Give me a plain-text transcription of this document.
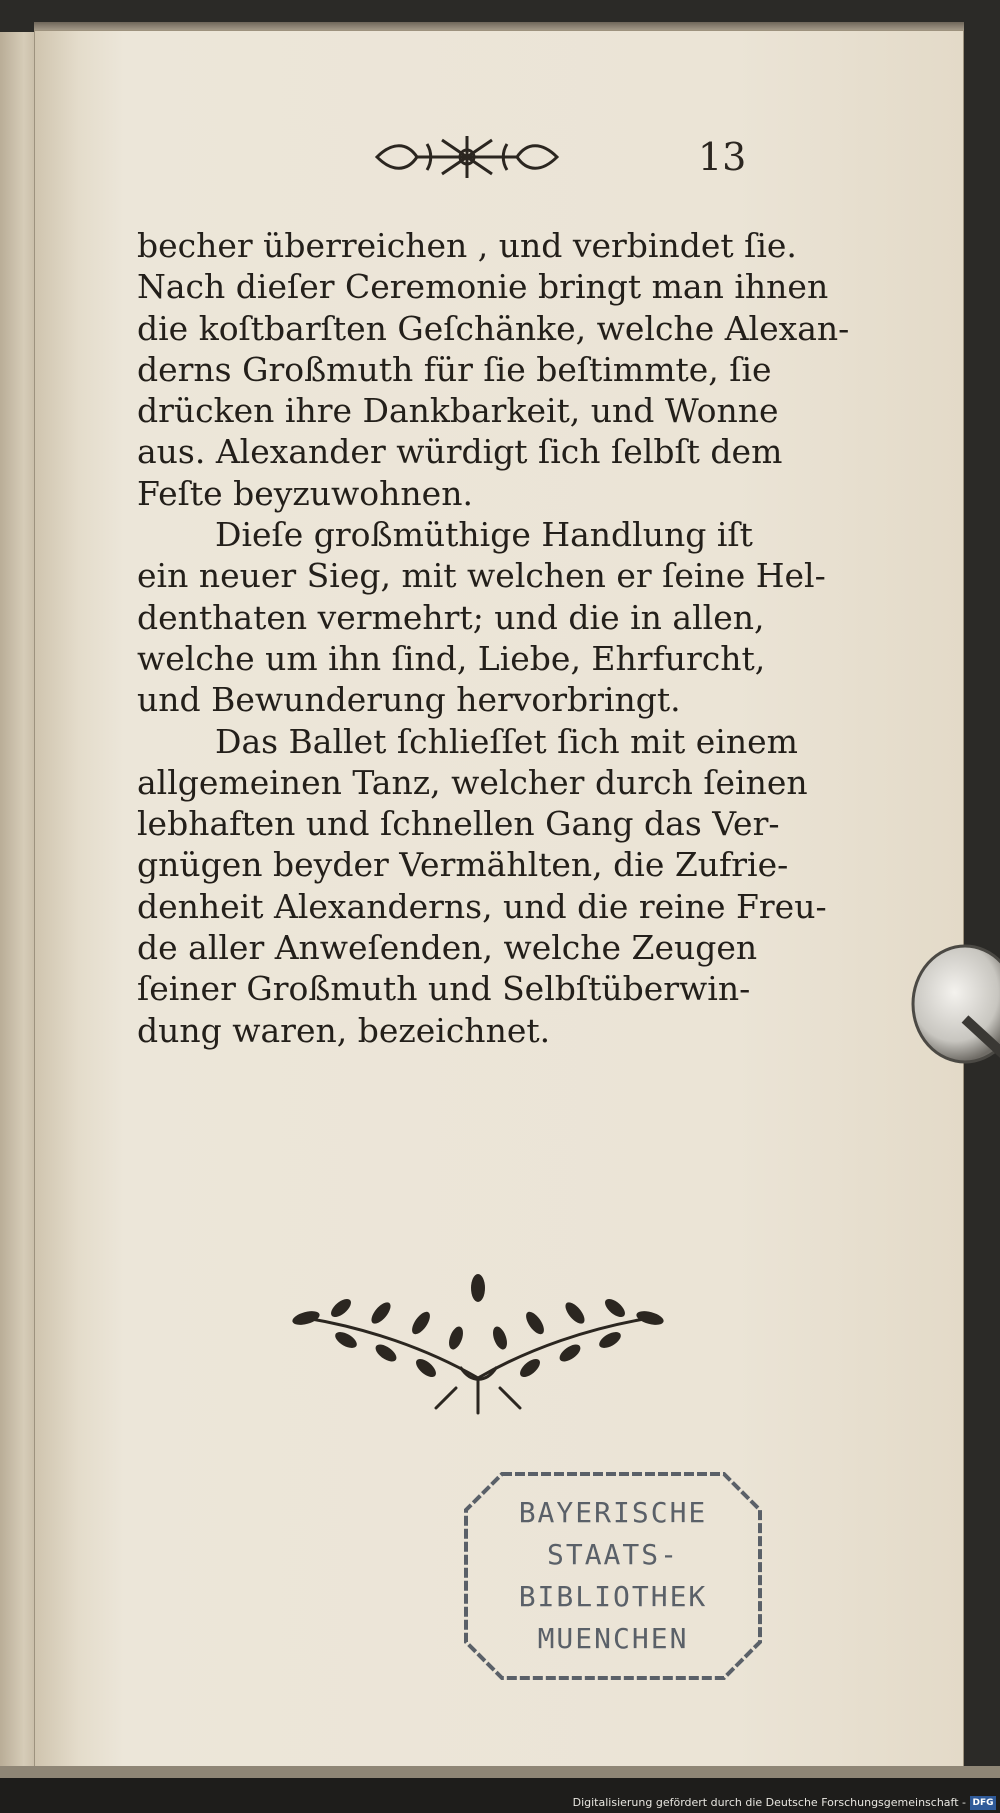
13
becher überreichen , und verbindet ſie.
Nach dieſer Ceremonie bringt man ihnen
die koſtbarſten Geſchänke, welche Alexan-
derns Großmuth für ſie beſtimmte, ſie
drücken ihre Dankbarkeit, und Wonne
aus. Alexander würdigt ſich ſelbſt dem
Feſte beyzuwohnen.
Dieſe großmüthige Handlung iſt
ein neuer Sieg, mit welchen er ſeine Hel-
denthaten vermehrt; und die in allen,
welche um ihn ſind, Liebe, Ehrfurcht,
und Bewunderung hervorbringt.
Das Ballet ſchlieſſet ſich mit einem
allgemeinen Tanz, welcher durch ſeinen
lebhaften und ſchnellen Gang das Ver-
gnügen beyder Vermählten, die Zufrie-
denheit Alexanderns, und die reine Freu-
de aller Anweſenden, welche Zeugen
ſeiner Großmuth und Selbſtüberwin-
dung waren, bezeichnet.
BAYERISCHE
STAATS-
BIBLIOTHEK
MUENCHEN
Digitalisierung gefördert durch die Deutsche Forschungsgemeinschaft - DFG
